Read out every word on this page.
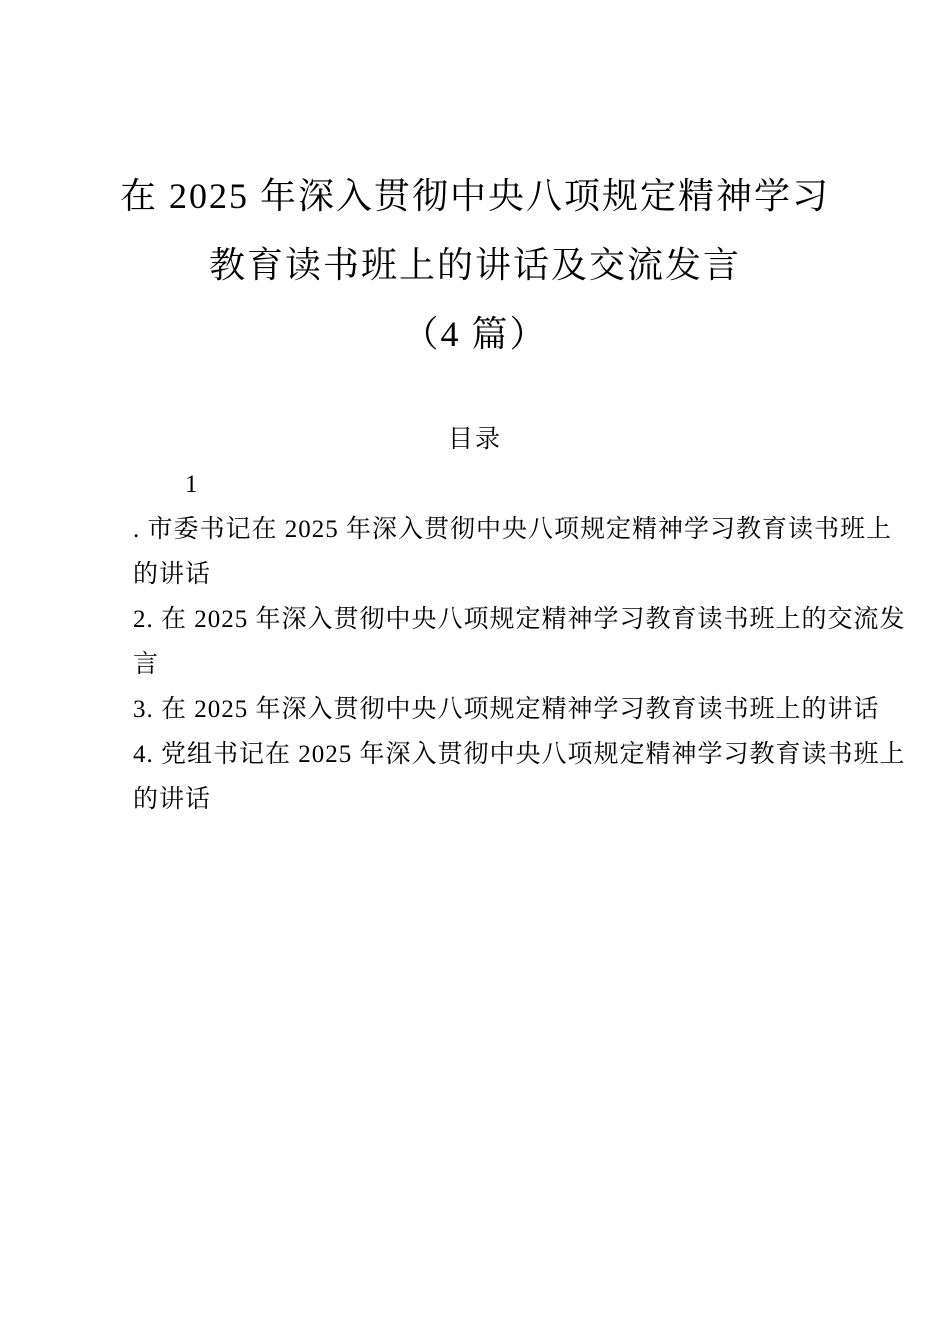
在 2025 年深入贯彻中央八项规定精神学习
教育读书班上的讲话及交流发言
（4 篇）
目录
1
. 市委书记在 2025 年深入贯彻中央八项规定精神学习教育读书班上
的讲话
2. 在 2025 年深入贯彻中央八项规定精神学习教育读书班上的交流发
言
3. 在 2025 年深入贯彻中央八项规定精神学习教育读书班上的讲话
4. 党组书记在 2025 年深入贯彻中央八项规定精神学习教育读书班上
的讲话
